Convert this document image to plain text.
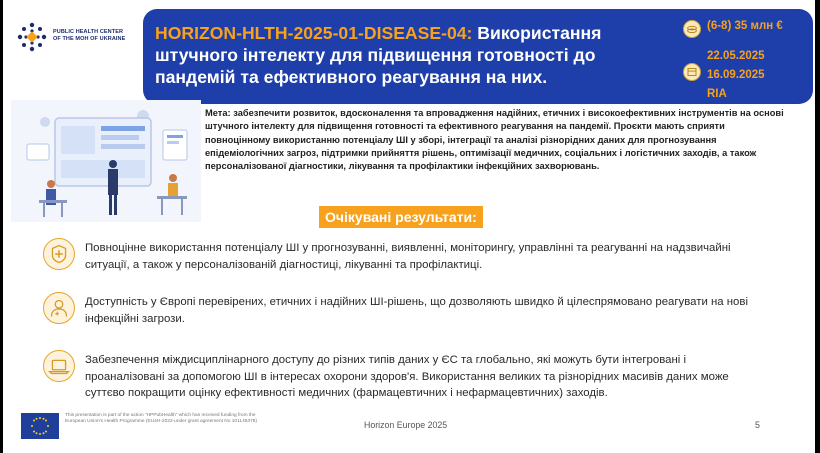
PUBLIC HEALTH CENTER
OF THE MOH OF UKRAINE HORIZON-HLTH-2025-01-DISEASE-04: Використання штучного інтелекту для підвищення готовності до пандемій та ефективного реагування на них.
(6-8) 35 млн €
22.05.2025
16.09.2025
RIA
Мета: забезпечити розвиток, вдосконалення та впровадження надійних, етичних і високоефективних інструментів на основі штучного інтелекту для підвищення готовності та ефективного реагування на пандемії. Проєкти мають сприяти повноцінному використанню потенціалу ШІ у зборі, інтеграції та аналізі різнорідних даних для прогнозування епідеміологічних загроз, підтримки прийняття рішень, оптимізації медичних, соціальних і логістичних заходів, а також персоналізованої діагностики, лікування та профілактики інфекційних захворювань.
Очікувані результати:
Повноцінне використання потенціалу ШІ у прогнозуванні, виявленні, моніторингу, управлінні та реагуванні на надзвичайні ситуації, а також у персоналізованій діагностиці, лікуванні та профілактиці.
Доступність у Європі перевірених, етичних і надійних ШІ-рішень, що дозволяють швидко й цілеспрямовано реагувати на нові інфекційні загрози.
Забезпечення міждисциплінарного доступу до різних типів даних у ЄС та глобально, які можуть бути інтегровані і проаналізовані за допомогою ШІ в інтересах охорони здоров'я. Використання великих та різнорідних масивів даних може суттєво покращити оцінку ефективності медичних (фармацевтичних і нефармацевтичних) заходів.
This presentation is part of the action "HPPubHealth" which has received funding from the European Union's Health Programme (EU4H-2022-under grant agreement No 101145378)	Horizon Europe 2025	5
